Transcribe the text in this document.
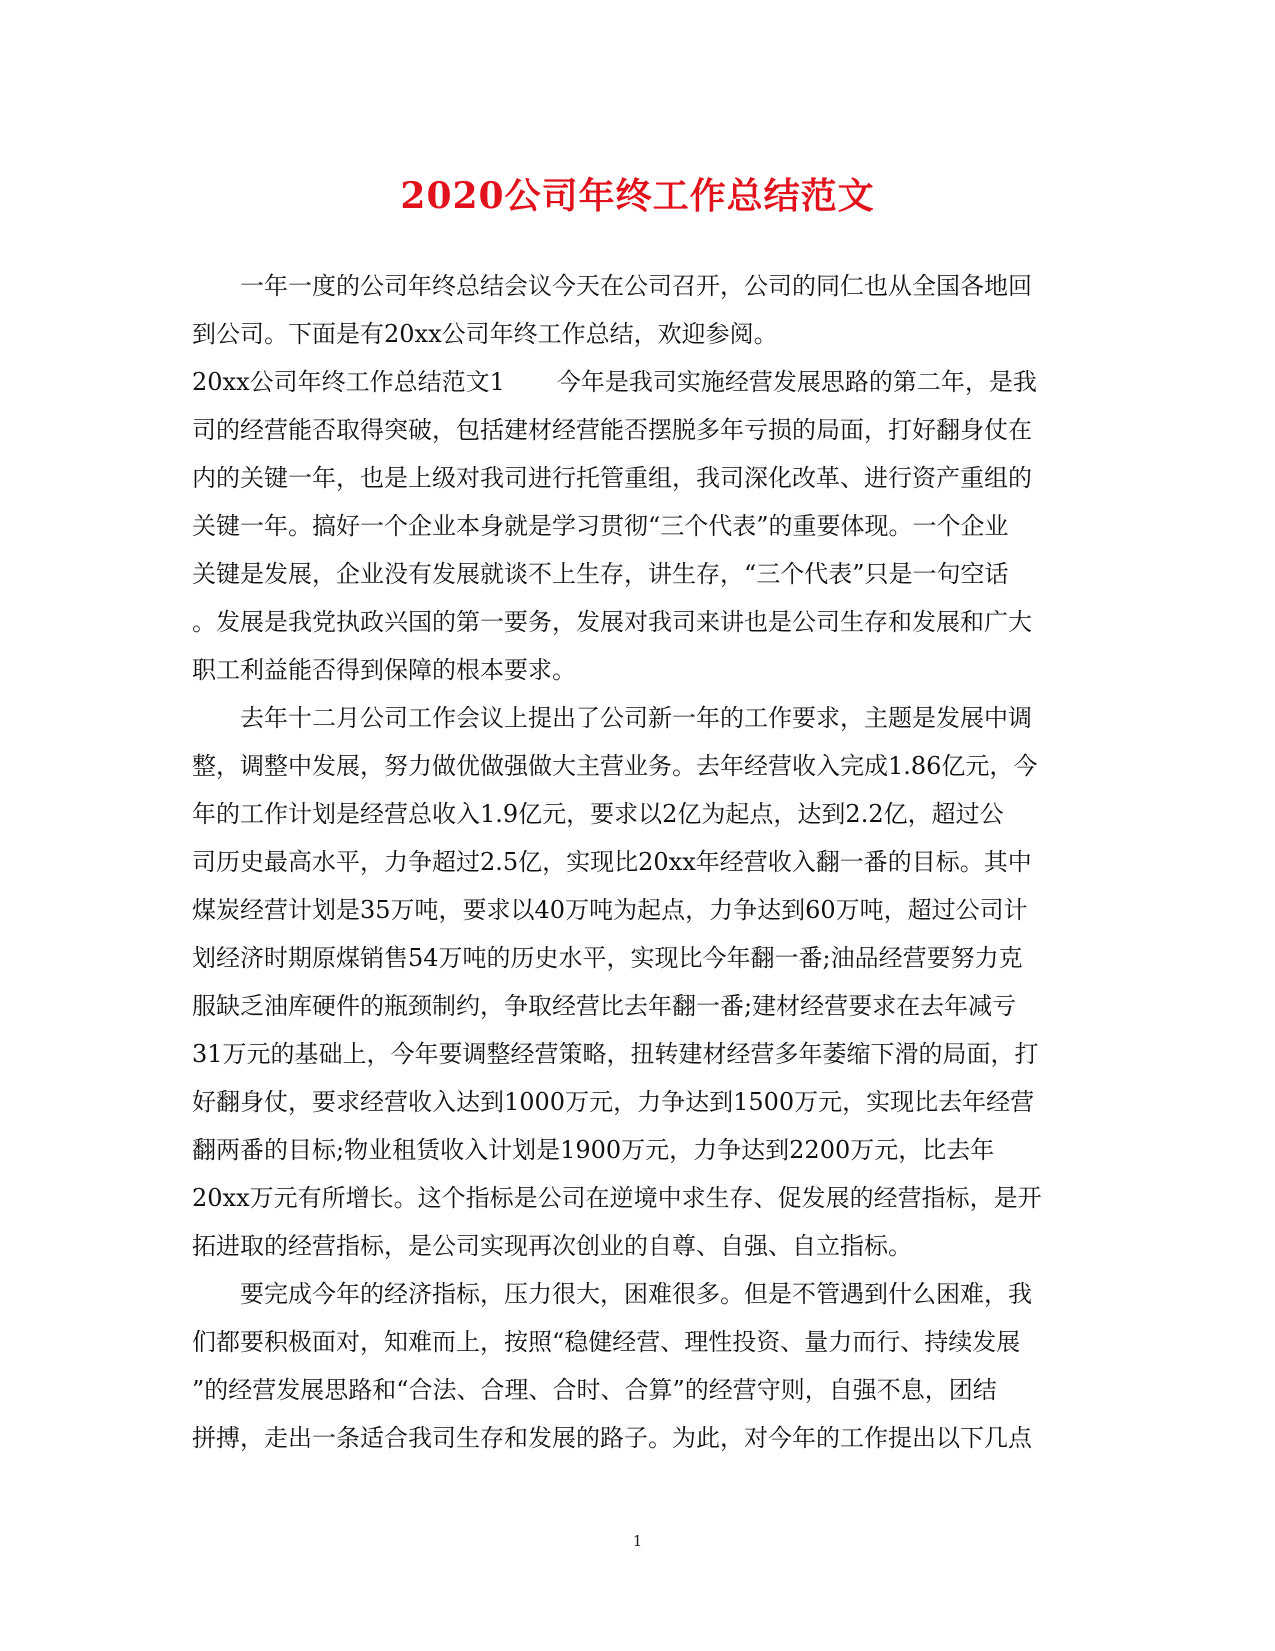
2020公司年终工作总结范文
一年一度的公司年终总结会议今天在公司召开，公司的同仁也从全国各地回
到公司。下面是有20xx公司年终工作总结，欢迎参阅。
20xx公司年终工作总结范文1 今年是我司实施经营发展思路的第二年，是我
司的经营能否取得突破，包括建材经营能否摆脱多年亏损的局面，打好翻身仗在
内的关键一年，也是上级对我司进行托管重组，我司深化改革、进行资产重组的
关键一年。搞好一个企业本身就是学习贯彻“三个代表”的重要体现。一个企业
关键是发展，企业没有发展就谈不上生存，讲生存，“三个代表”只是一句空话
。发展是我党执政兴国的第一要务，发展对我司来讲也是公司生存和发展和广大
职工利益能否得到保障的根本要求。
去年十二月公司工作会议上提出了公司新一年的工作要求，主题是发展中调
整，调整中发展，努力做优做强做大主营业务。去年经营收入完成1.86亿元，今
年的工作计划是经营总收入1.9亿元，要求以2亿为起点，达到2.2亿，超过公
司历史最高水平，力争超过2.5亿，实现比20xx年经营收入翻一番的目标。其中
煤炭经营计划是35万吨，要求以40万吨为起点，力争达到60万吨，超过公司计
划经济时期原煤销售54万吨的历史水平，实现比今年翻一番;油品经营要努力克
服缺乏油库硬件的瓶颈制约，争取经营比去年翻一番;建材经营要求在去年减亏
31万元的基础上，今年要调整经营策略，扭转建材经营多年萎缩下滑的局面，打
好翻身仗，要求经营收入达到1000万元，力争达到1500万元，实现比去年经营
翻两番的目标;物业租赁收入计划是1900万元，力争达到2200万元，比去年
20xx万元有所增长。这个指标是公司在逆境中求生存、促发展的经营指标，是开
拓进取的经营指标，是公司实现再次创业的自尊、自强、自立指标。
要完成今年的经济指标，压力很大，困难很多。但是不管遇到什么困难，我
们都要积极面对，知难而上，按照“稳健经营、理性投资、量力而行、持续发展
”的经营发展思路和“合法、合理、合时、合算”的经营守则，自强不息，团结
拼搏，走出一条适合我司生存和发展的路子。为此，对今年的工作提出以下几点
1
